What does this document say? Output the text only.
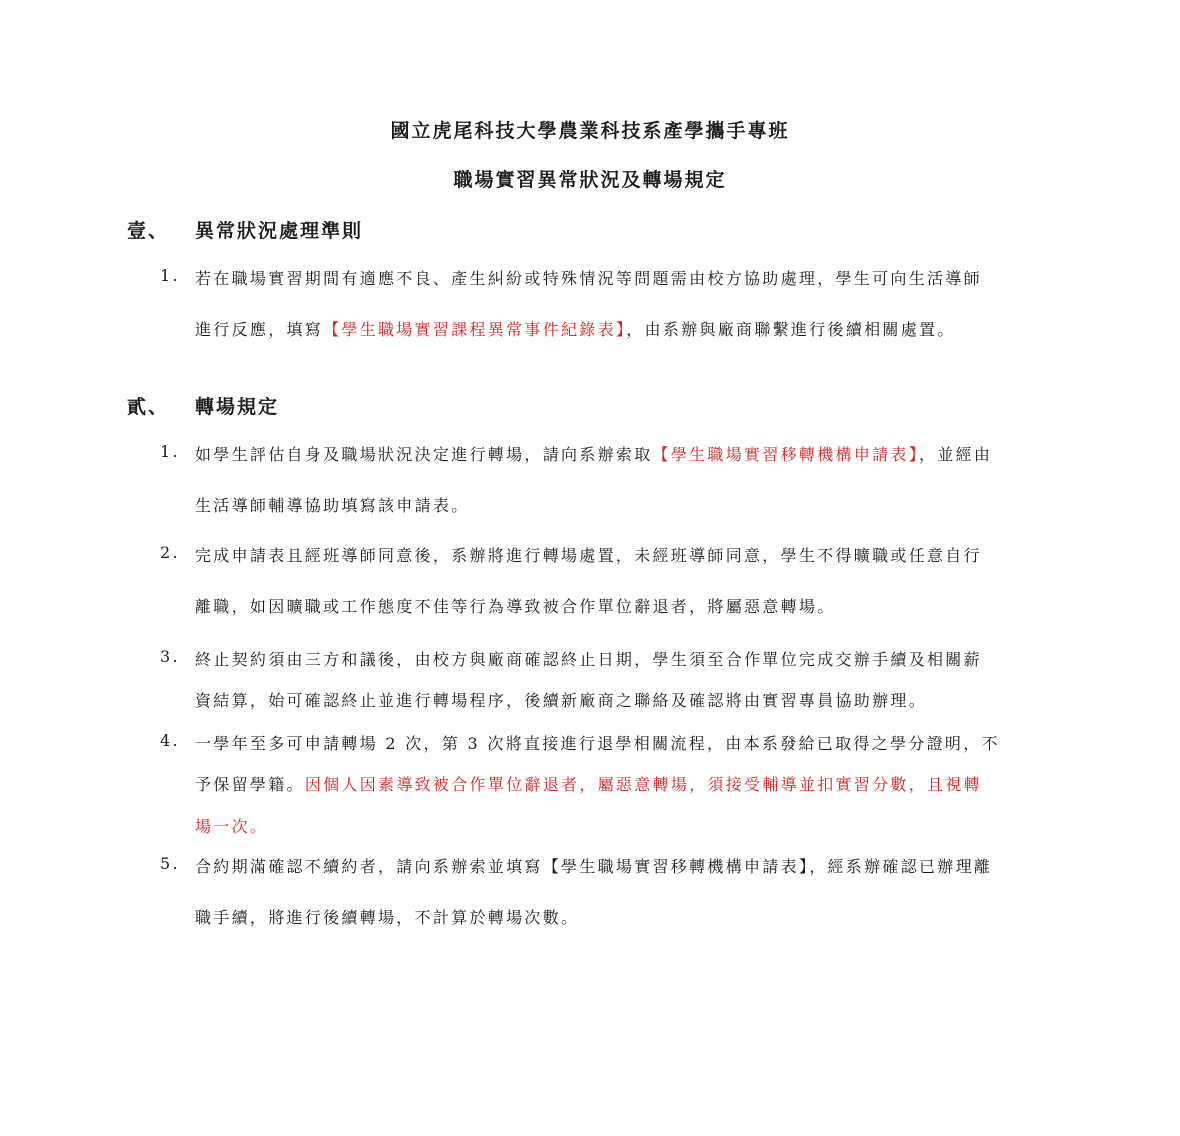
國立虎尾科技大學農業科技系產學攜手專班
職場實習異常狀況及轉場規定
壹、 異常狀況處理準則
1. 若在職場實習期間有適應不良、產生糾紛或特殊情況等問題需由校方協助處理，學生可向生活導師
進行反應，填寫【學生職場實習課程異常事件紀錄表】，由系辦與廠商聯繫進行後續相關處置。
貳、 轉場規定
1. 如學生評估自身及職場狀況決定進行轉場，請向系辦索取【學生職場實習移轉機構申請表】，並經由
生活導師輔導協助填寫該申請表。
2. 完成申請表且經班導師同意後，系辦將進行轉場處置，未經班導師同意，學生不得曠職或任意自行
離職，如因曠職或工作態度不佳等行為導致被合作單位辭退者，將屬惡意轉場。
3. 終止契約須由三方和議後，由校方與廠商確認終止日期，學生須至合作單位完成交辦手續及相關薪
資結算，始可確認終止並進行轉場程序，後續新廠商之聯絡及確認將由實習專員協助辦理。
4. 一學年至多可申請轉場 2 次，第 3 次將直接進行退學相關流程，由本系發給已取得之學分證明，不
予保留學籍。因個人因素導致被合作單位辭退者，屬惡意轉場，須接受輔導並扣實習分數，且視轉
場一次。
5. 合約期滿確認不續約者，請向系辦索並填寫【學生職場實習移轉機構申請表】，經系辦確認已辦理離
職手續，將進行後續轉場，不計算於轉場次數。
